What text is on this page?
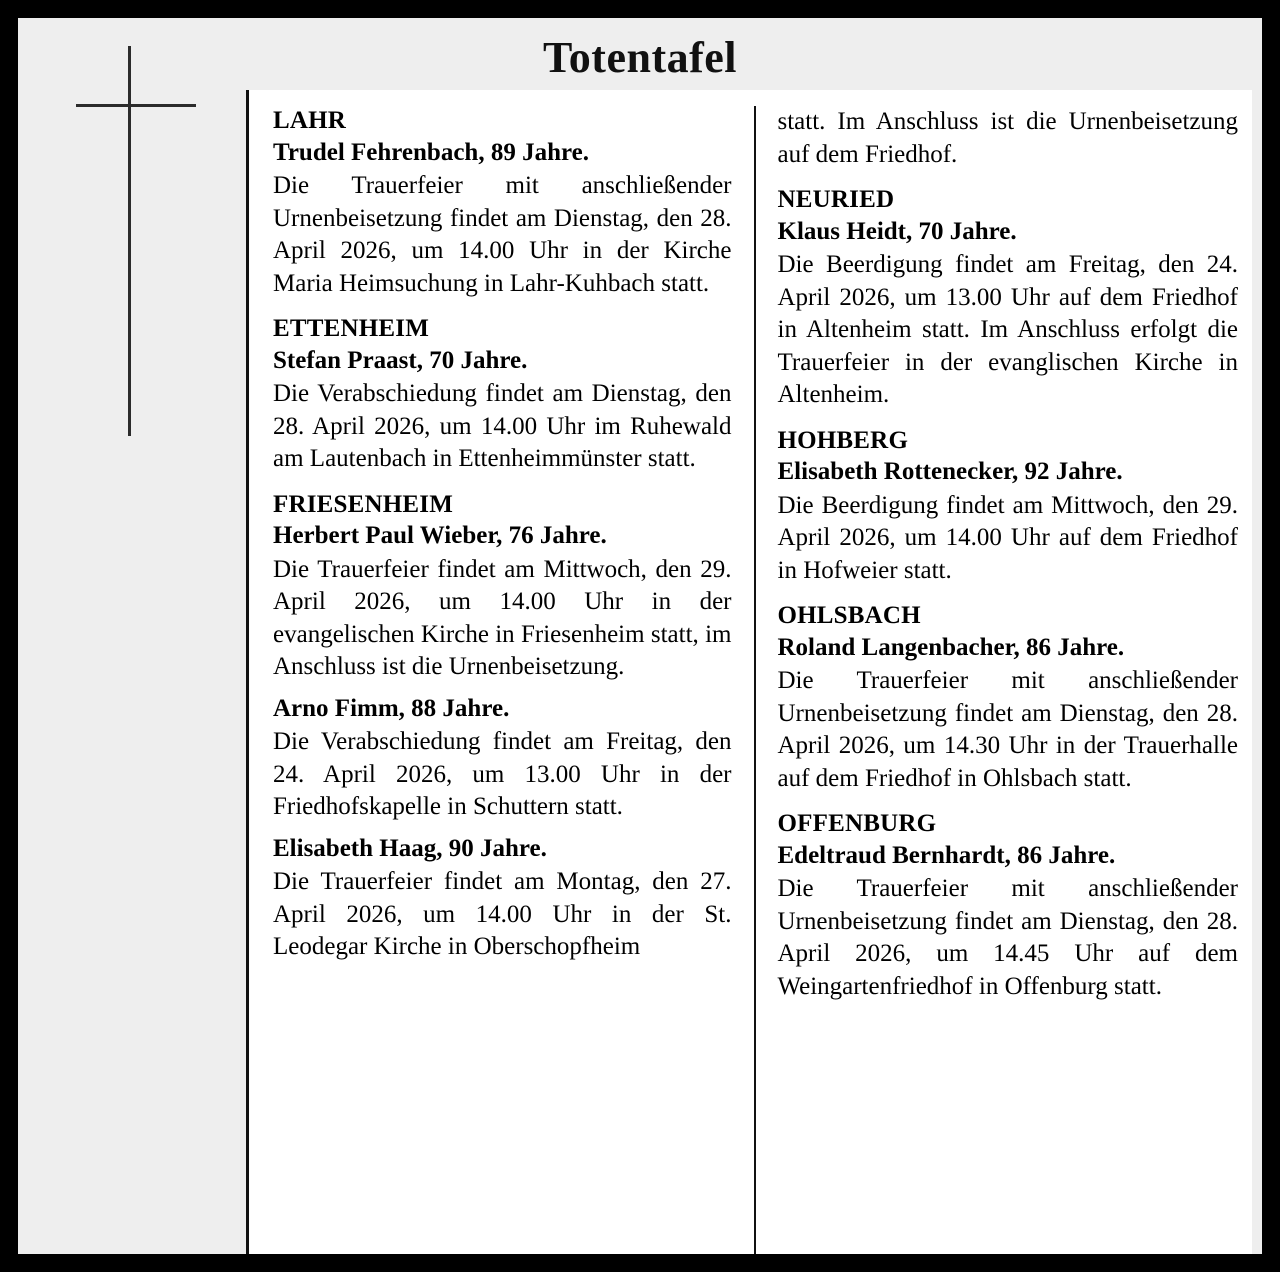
Totentafel
LAHR
Trudel Fehrenbach, 89 Jahre.
Die Trauerfeier mit anschließender Urnenbeisetzung findet am Dienstag, den 28. April 2026, um 14.00 Uhr in der Kirche Maria Heimsuchung in Lahr-Kuhbach statt.
ETTENHEIM
Stefan Praast, 70 Jahre.
Die Verabschiedung findet am Dienstag, den 28. April 2026, um 14.00 Uhr im Ruhewald am Lautenbach in Ettenheimmünster statt.
FRIESENHEIM
Herbert Paul Wieber, 76 Jahre.
Die Trauerfeier findet am Mittwoch, den 29. April 2026, um 14.00 Uhr in der evangelischen Kirche in Friesenheim statt, im Anschluss ist die Urnenbeisetzung.
Arno Fimm, 88 Jahre.
Die Verabschiedung findet am Freitag, den 24. April 2026, um 13.00 Uhr in der Friedhofskapelle in Schuttern statt.
Elisabeth Haag, 90 Jahre.
Die Trauerfeier findet am Montag, den 27. April 2026, um 14.00 Uhr in der St. Leodegar Kirche in Oberschopfheim
statt. Im Anschluss ist die Urnenbeisetzung auf dem Friedhof.
NEURIED
Klaus Heidt, 70 Jahre.
Die Beerdigung findet am Freitag, den 24. April 2026, um 13.00 Uhr auf dem Friedhof in Altenheim statt. Im Anschluss erfolgt die Trauerfeier in der evanglischen Kirche in Altenheim.
HOHBERG
Elisabeth Rottenecker, 92 Jahre.
Die Beerdigung findet am Mittwoch, den 29. April 2026, um 14.00 Uhr auf dem Friedhof in Hofweier statt.
OHLSBACH
Roland Langenbacher, 86 Jahre.
Die Trauerfeier mit anschließender Urnenbeisetzung findet am Dienstag, den 28. April 2026, um 14.30 Uhr in der Trauerhalle auf dem Friedhof in Ohlsbach statt.
OFFENBURG
Edeltraud Bernhardt, 86 Jahre.
Die Trauerfeier mit anschließender Urnenbeisetzung findet am Dienstag, den 28. April 2026, um 14.45 Uhr auf dem Weingartenfriedhof in Offenburg statt.
